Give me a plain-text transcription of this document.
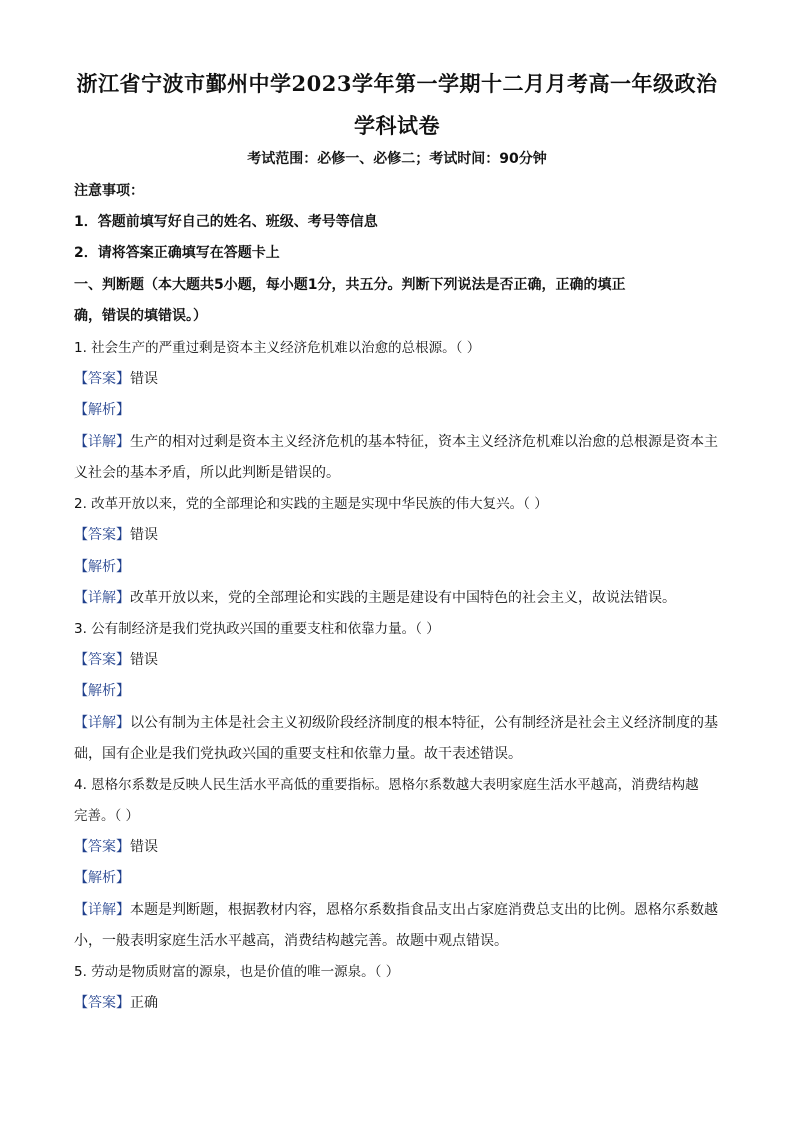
浙江省宁波市鄞州中学2023学年第一学期十二月月考高一年级政治
学科试卷
考试范围：必修一、必修二；考试时间：90分钟
注意事项：
1．答题前填写好自己的姓名、班级、考号等信息
2．请将答案正确填写在答题卡上
一、判断题（本大题共5小题，每小题1分，共五分。判断下列说法是否正确，正确的填正
确，错误的填错误。）
1. 社会生产的严重过剩是资本主义经济危机难以治愈的总根源。（ ）
【答案】错误
【解析】
【详解】生产的相对过剩是资本主义经济危机的基本特征，资本主义经济危机难以治愈的总根源是资本主
义社会的基本矛盾，所以此判断是错误的。
2. 改革开放以来，党的全部理论和实践的主题是实现中华民族的伟大复兴。（ ）
【答案】错误
【解析】
【详解】改革开放以来，党的全部理论和实践的主题是建设有中国特色的社会主义，故说法错误。
3. 公有制经济是我们党执政兴国的重要支柱和依靠力量。（ ）
【答案】错误
【解析】
【详解】以公有制为主体是社会主义初级阶段经济制度的根本特征，公有制经济是社会主义经济制度的基
础，国有企业是我们党执政兴国的重要支柱和依靠力量。故干表述错误。
4. 恩格尔系数是反映人民生活水平高低的重要指标。恩格尔系数越大表明家庭生活水平越高，消费结构越
完善。（ ）
【答案】错误
【解析】
【详解】本题是判断题，根据教材内容，恩格尔系数指食品支出占家庭消费总支出的比例。恩格尔系数越
小，一般表明家庭生活水平越高，消费结构越完善。故题中观点错误。
5. 劳动是物质财富的源泉，也是价值的唯一源泉。（ ）
【答案】正确
